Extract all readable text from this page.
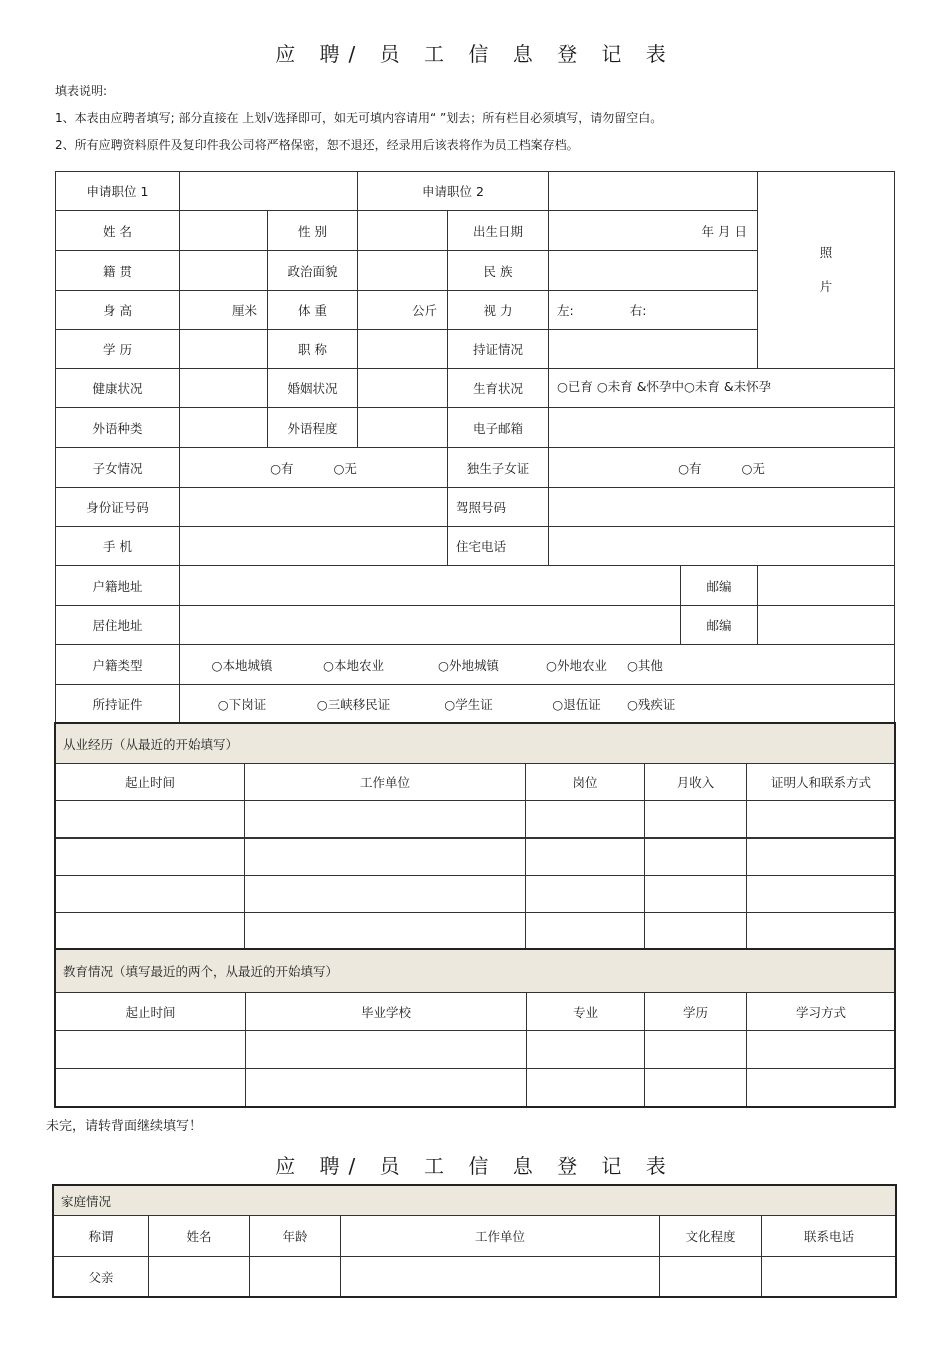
应 聘/ 员 工 信 息 登 记 表
填表说明:
1、本表由应聘者填写; 部分直接在 上划√选择即可，如无可填内容请用“ ”划去；所有栏目必须填写，请勿留空白。
2、所有应聘资料原件及复印件我公司将严格保密，恕不退还，经录用后该表将作为员工档案存档。
申请职位 1	申请职位 2
照
片
姓 名	性 别	出生日期	年 月 日
籍 贯	政治面貌	民 族
身 高	厘米	体 重	公斤	视 力	左:	右:
学 历	职 称	持证情况
健康状况	婚姻状况	生育状况	○已育 ○未育 &怀孕中○未育 &未怀孕
外语种类	外语程度	电子邮箱
子女情况	○有	○无	独生子女证	○有	○无
身份证号码	驾照号码
手 机	住宅电话
户籍地址	邮编
居住地址	邮编
户籍类型	○本地城镇	○本地农业	○外地城镇	○外地农业	○其他
所持证件	○下岗证	○三峡移民证	○学生证	○退伍证	○残疾证
从业经历（从最近的开始填写）
起止时间	工作单位	岗位	月收入	证明人和联系方式
教育情况（填写最近的两个，从最近的开始填写）
起止时间	毕业学校	专业	学历	学习方式
未完，请转背面继续填写！
应 聘/ 员 工 信 息 登 记 表
家庭情况
称谓	姓名	年龄	工作单位	文化程度	联系电话
父亲
